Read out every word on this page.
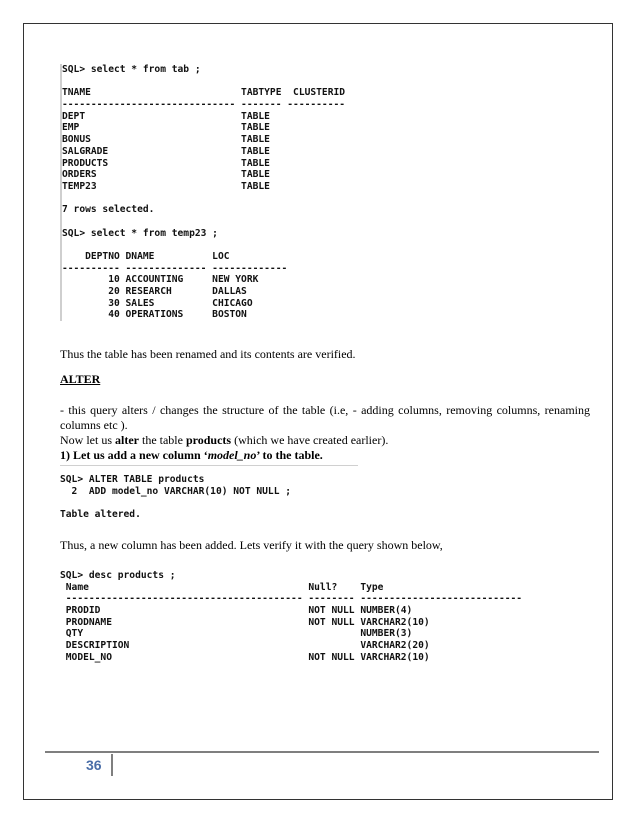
SQL> select * from tab ;
TNAME                          TABTYPE  CLUSTERID
------------------------------ ------- ----------
DEPT                           TABLE
EMP                            TABLE
BONUS                          TABLE
SALGRADE                       TABLE
PRODUCTS                       TABLE
ORDERS                         TABLE
TEMP23                         TABLE
7 rows selected.
SQL> select * from temp23 ;
DEPTNO DNAME          LOC
---------- -------------- -------------
10 ACCOUNTING     NEW YORK
20 RESEARCH       DALLAS
30 SALES          CHICAGO
40 OPERATIONS     BOSTON
Thus the table has been renamed and its contents are verified.
ALTER
- this query alters / changes the structure of the table (i.e, - adding columns, removing columns, renaming columns etc ).
Now let us alter the table products (which we have created earlier).
1) Let us add a new column ‘model_no’ to the table.
SQL> ALTER TABLE products
2  ADD model_no VARCHAR(10) NOT NULL ;
Table altered.
Thus, a new column has been added. Lets verify it with the query shown below,
SQL> desc products ;
Name                                      Null?    Type
----------------------------------------- -------- ----------------------------
PRODID                                    NOT NULL NUMBER(4)
PRODNAME                                  NOT NULL VARCHAR2(10)
QTY                                                NUMBER(3)
DESCRIPTION                                        VARCHAR2(20)
MODEL_NO                                  NOT NULL VARCHAR2(10)
36
